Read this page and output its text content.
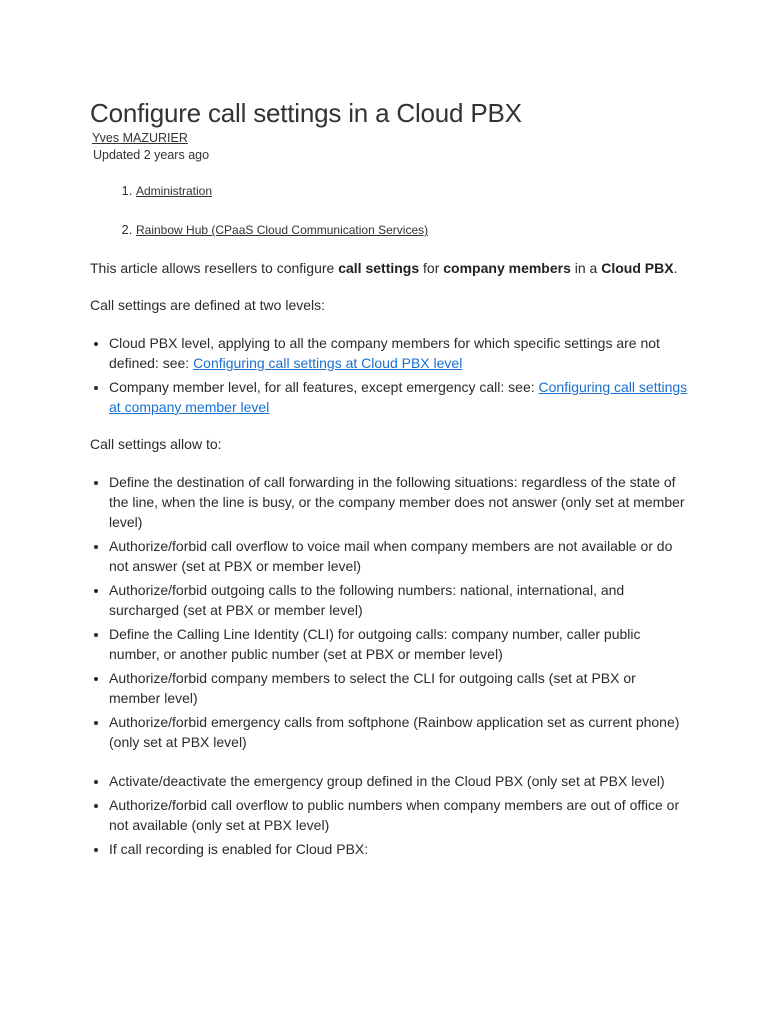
Configure call settings in a Cloud PBX
Yves MAZURIER
Updated 2 years ago
1. Administration
2. Rainbow Hub (CPaaS Cloud Communication Services)

This article allows resellers to configure call settings for company members in a Cloud PBX.

Call settings are defined at two levels:

• Cloud PBX level, applying to all the company members for which specific settings are not defined: see: Configuring call settings at Cloud PBX level
• Company member level, for all features, except emergency call: see: Configuring call settings at company member level

Call settings allow to:

• Define the destination of call forwarding in the following situations: regardless of the state of the line, when the line is busy, or the company member does not answer (only set at member level)
• Authorize/forbid call overflow to voice mail when company members are not available or do not answer (set at PBX or member level)
• Authorize/forbid outgoing calls to the following numbers: national, international, and surcharged (set at PBX or member level)
• Define the Calling Line Identity (CLI) for outgoing calls: company number, caller public number, or another public number (set at PBX or member level)
• Authorize/forbid company members to select the CLI for outgoing calls (set at PBX or member level)
• Authorize/forbid emergency calls from softphone (Rainbow application set as current phone) (only set at PBX level)
• Activate/deactivate the emergency group defined in the Cloud PBX (only set at PBX level)
• Authorize/forbid call overflow to public numbers when company members are out of office or not available (only set at PBX level)
• If call recording is enabled for Cloud PBX:
